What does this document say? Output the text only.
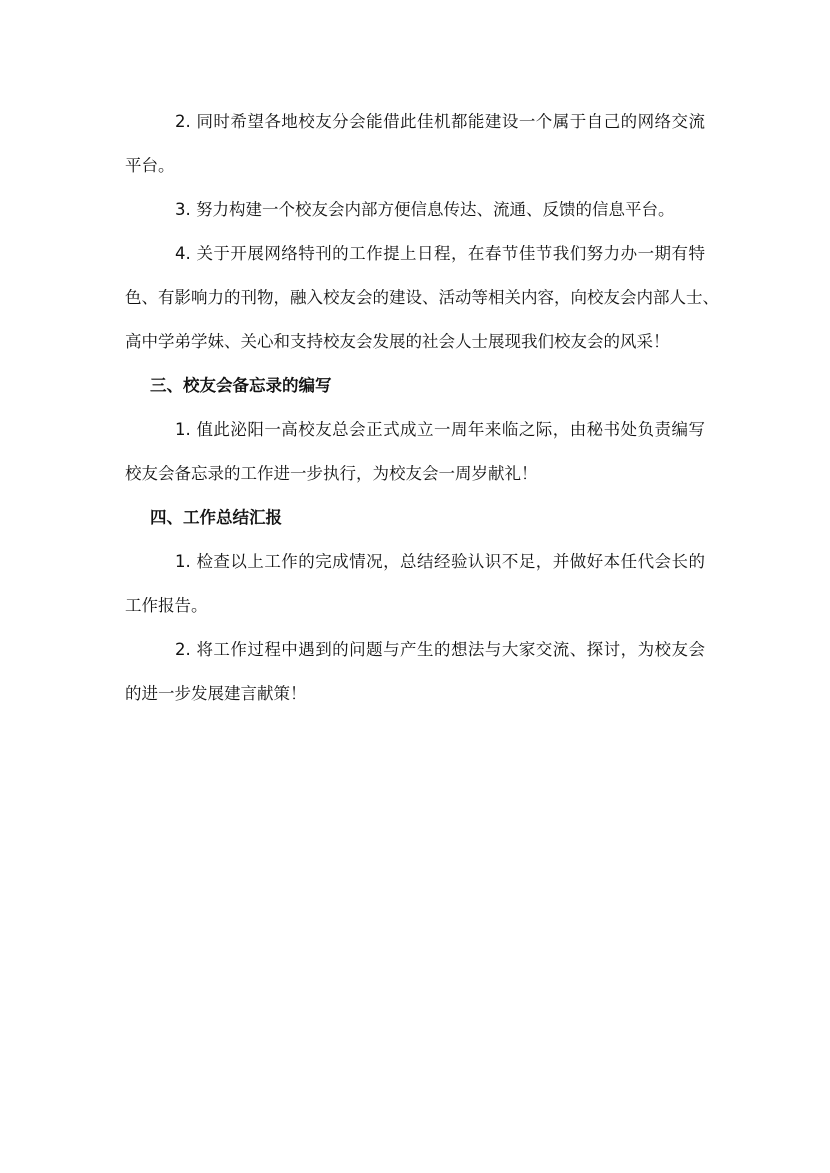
2. 同时希望各地校友分会能借此佳机都能建设一个属于自己的网络交流
平台。
3. 努力构建一个校友会内部方便信息传达、流通、反馈的信息平台。
4. 关于开展网络特刊的工作提上日程，在春节佳节我们努力办一期有特
色、有影响力的刊物，融入校友会的建设、活动等相关内容，向校友会内部人士、
高中学弟学妹、关心和支持校友会发展的社会人士展现我们校友会的风采！
三、校友会备忘录的编写
1. 值此泌阳一高校友总会正式成立一周年来临之际，由秘书处负责编写
校友会备忘录的工作进一步执行，为校友会一周岁献礼！
四、工作总结汇报
1. 检查以上工作的完成情况，总结经验认识不足，并做好本任代会长的
工作报告。
2. 将工作过程中遇到的问题与产生的想法与大家交流、探讨，为校友会
的进一步发展建言献策！
